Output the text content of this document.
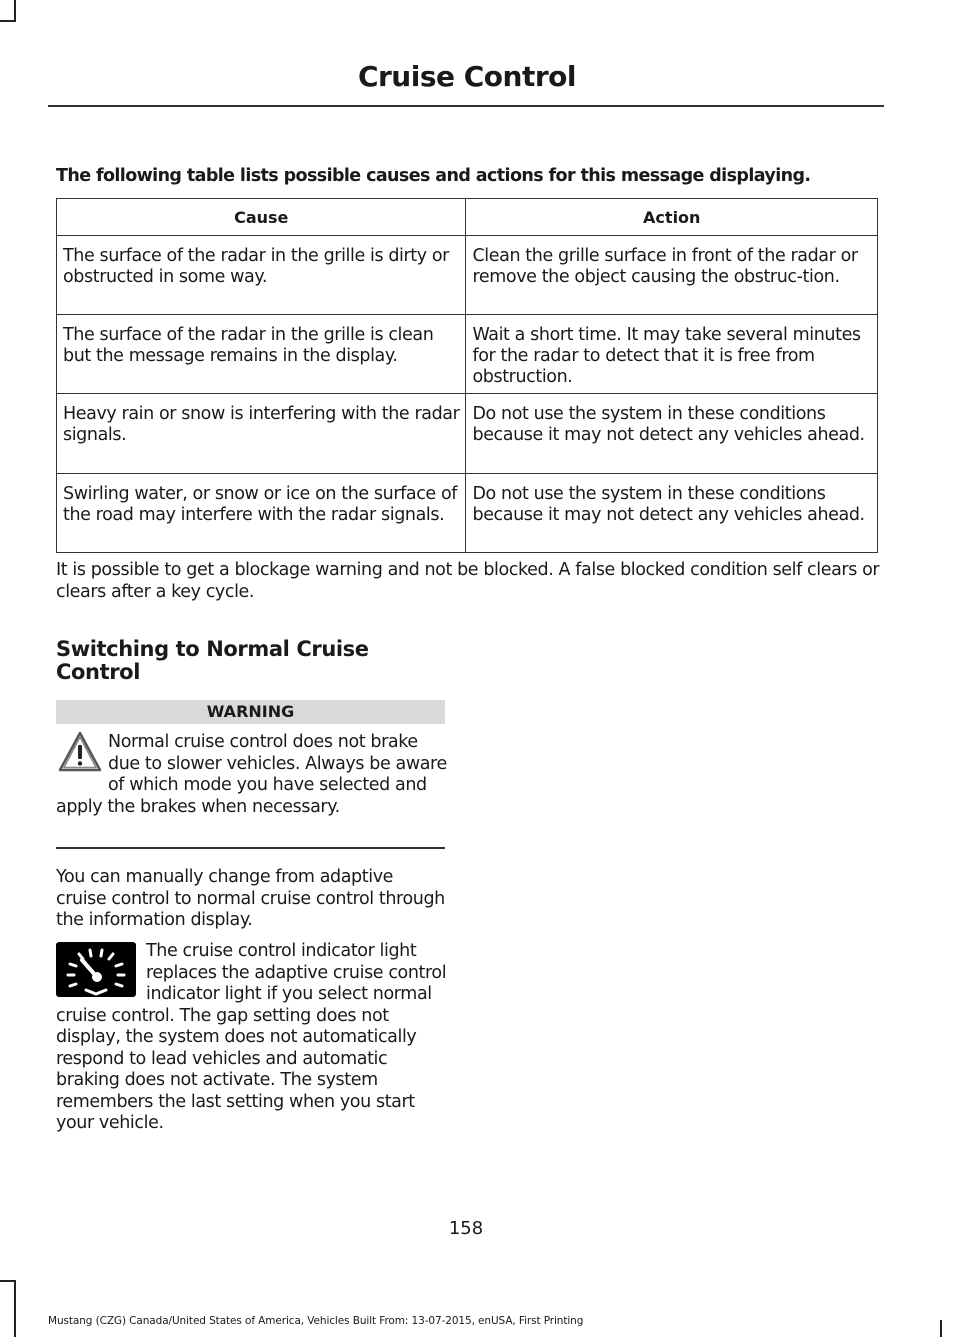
Cruise Control
The following table lists possible causes and actions for this message displaying.
Cause	Action
The surface of the radar in the grille is dirty or obstructed in some way.	Clean the grille surface in front of the radar or remove the object causing the obstruc-tion.
The surface of the radar in the grille is clean but the message remains in the display.	Wait a short time. It may take several minutes for the radar to detect that it is free from obstruction.
Heavy rain or snow is interfering with the radar signals.	Do not use the system in these conditions because it may not detect any vehicles ahead.
Swirling water, or snow or ice on the surface of the road may interfere with the radar signals.	Do not use the system in these conditions because it may not detect any vehicles ahead.
It is possible to get a blockage warning and not be blocked. A false blocked condition self clears or clears after a key cycle.
Switching to Normal Cruise Control
WARNING
Normal cruise control does not brake due to slower vehicles. Always be aware of which mode you have selected and apply the brakes when necessary.
You can manually change from adaptive cruise control to normal cruise control through the information display.
The cruise control indicator light replaces the adaptive cruise control indicator light if you select normal cruise control. The gap setting does not display, the system does not automatically respond to lead vehicles and automatic braking does not activate. The system remembers the last setting when you start your vehicle.
158
Mustang (CZG) Canada/United States of America, Vehicles Built From: 13-07-2015, enUSA, First Printing
